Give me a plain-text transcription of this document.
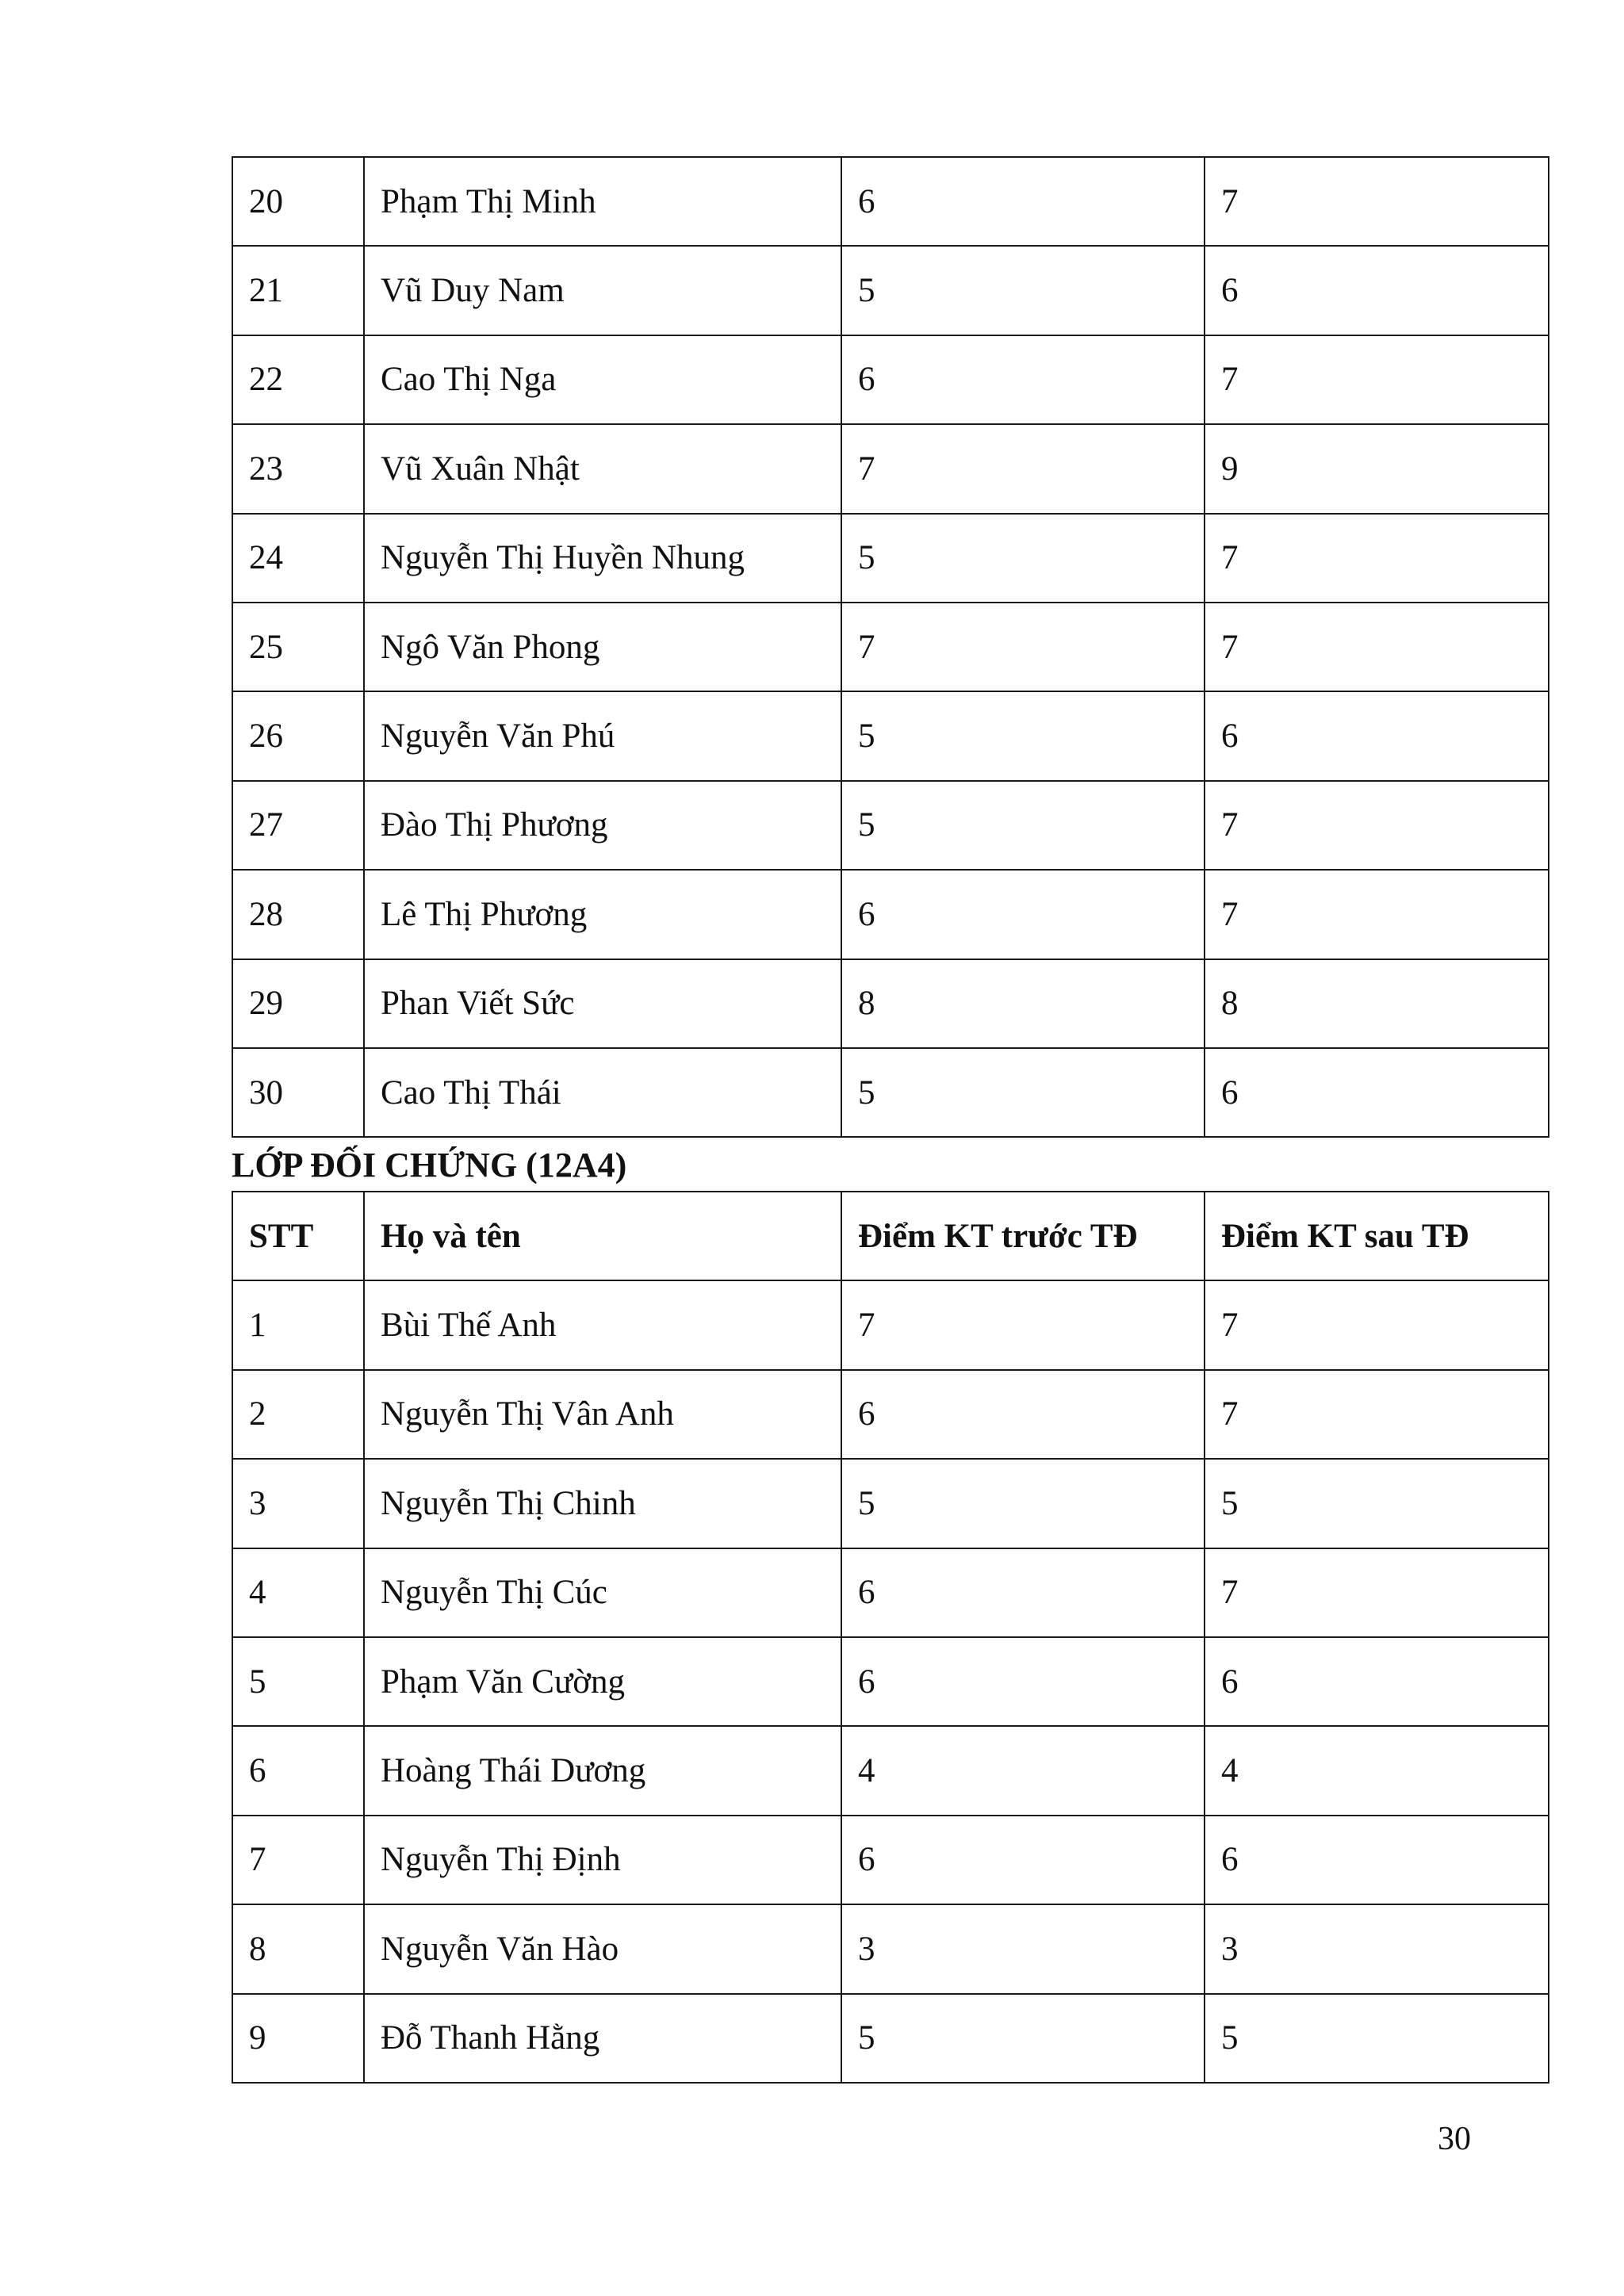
20	Phạm Thị Minh	6	7
21	Vũ Duy Nam	5	6
22	Cao Thị Nga	6	7
23	Vũ Xuân Nhật	7	9
24	Nguyễn Thị Huyền Nhung	5	7
25	Ngô Văn Phong	7	7
26	Nguyễn Văn Phú	5	6
27	Đào Thị Phương	5	7
28	Lê Thị Phương	6	7
29	Phan Viết Sức	8	8
30	Cao Thị Thái	5	6
LỚP ĐỐI CHỨNG (12A4)
STT	Họ và tên	Điểm KT trước TĐ	Điểm KT sau TĐ
1	Bùi Thế Anh	7	7
2	Nguyễn Thị Vân Anh	6	7
3	Nguyễn Thị Chinh	5	5
4	Nguyễn Thị Cúc	6	7
5	Phạm Văn Cường	6	6
6	Hoàng Thái Dương	4	4
7	Nguyễn Thị Định	6	6
8	Nguyễn Văn Hào	3	3
9	Đỗ Thanh Hằng	5	5
30
